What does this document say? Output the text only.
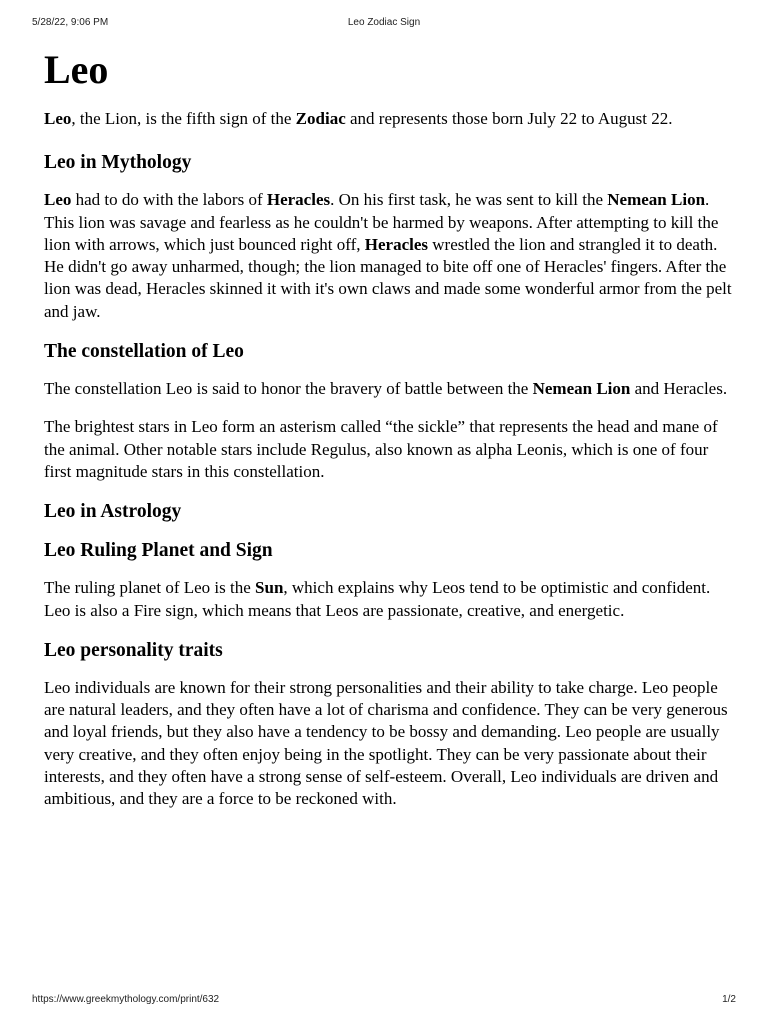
5/28/22, 9:06 PM	Leo Zodiac Sign
Leo

Leo, the Lion, is the fifth sign of the Zodiac and represents those born July 22 to August 22.

Leo in Mythology

Leo had to do with the labors of Heracles. On his first task, he was sent to kill the Nemean Lion. This lion was savage and fearless as he couldn't be harmed by weapons. After attempting to kill the lion with arrows, which just bounced right off, Heracles wrestled the lion and strangled it to death. He didn't go away unharmed, though; the lion managed to bite off one of Heracles' fingers. After the lion was dead, Heracles skinned it with it's own claws and made some wonderful armor from the pelt and jaw.

The constellation of Leo

The constellation Leo is said to honor the bravery of battle between the Nemean Lion and Heracles.

The brightest stars in Leo form an asterism called “the sickle” that represents the head and mane of the animal. Other notable stars include Regulus, also known as alpha Leonis, which is one of four first magnitude stars in this constellation.

Leo in Astrology
Leo Ruling Planet and Sign

The ruling planet of Leo is the Sun, which explains why Leos tend to be optimistic and confident. Leo is also a Fire sign, which means that Leos are passionate, creative, and energetic.

Leo personality traits

Leo individuals are known for their strong personalities and their ability to take charge. Leo people are natural leaders, and they often have a lot of charisma and confidence. They can be very generous and loyal friends, but they also have a tendency to be bossy and demanding. Leo people are usually very creative, and they often enjoy being in the spotlight. They can be very passionate about their interests, and they often have a strong sense of self-esteem. Overall, Leo individuals are driven and ambitious, and they are a force to be reckoned with.

https://www.greekmythology.com/print/632	1/2
